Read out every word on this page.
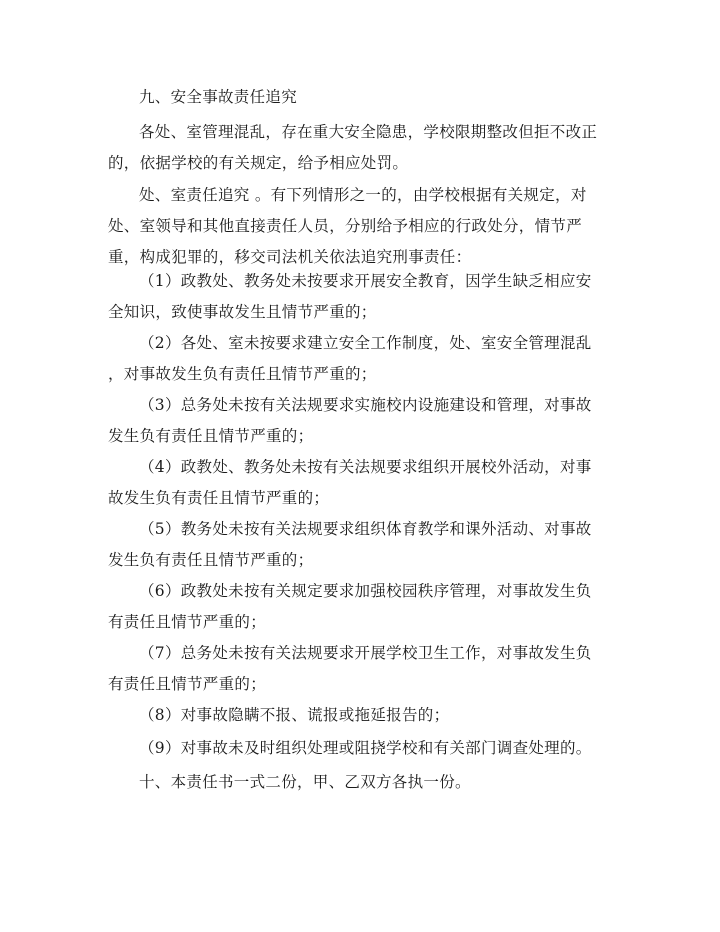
九、安全事故责任追究

各处、室管理混乱，存在重大安全隐患，学校限期整改但拒不改正
的，依据学校的有关规定，给予相应处罚。

处、室责任追究 。有下列情形之一的，由学校根据有关规定，对
处、室领导和其他直接责任人员，分别给予相应的行政处分，情节严
重，构成犯罪的，移交司法机关依法追究刑事责任：

（1）政教处、教务处未按要求开展安全教育，因学生缺乏相应安
全知识，致使事故发生且情节严重的；

（2）各处、室未按要求建立安全工作制度，处、室安全管理混乱
，对事故发生负有责任且情节严重的；

（3）总务处未按有关法规要求实施校内设施建设和管理，对事故
发生负有责任且情节严重的；

（4）政教处、教务处未按有关法规要求组织开展校外活动，对事
故发生负有责任且情节严重的；

（5）教务处未按有关法规要求组织体育教学和课外活动、对事故
发生负有责任且情节严重的；

（6）政教处未按有关规定要求加强校园秩序管理，对事故发生负
有责任且情节严重的；

（7）总务处未按有关法规要求开展学校卫生工作，对事故发生负
有责任且情节严重的；

（8）对事故隐瞒不报、谎报或拖延报告的；

（9）对事故未及时组织处理或阻挠学校和有关部门调查处理的。

十、本责任书一式二份，甲、乙双方各执一份。
